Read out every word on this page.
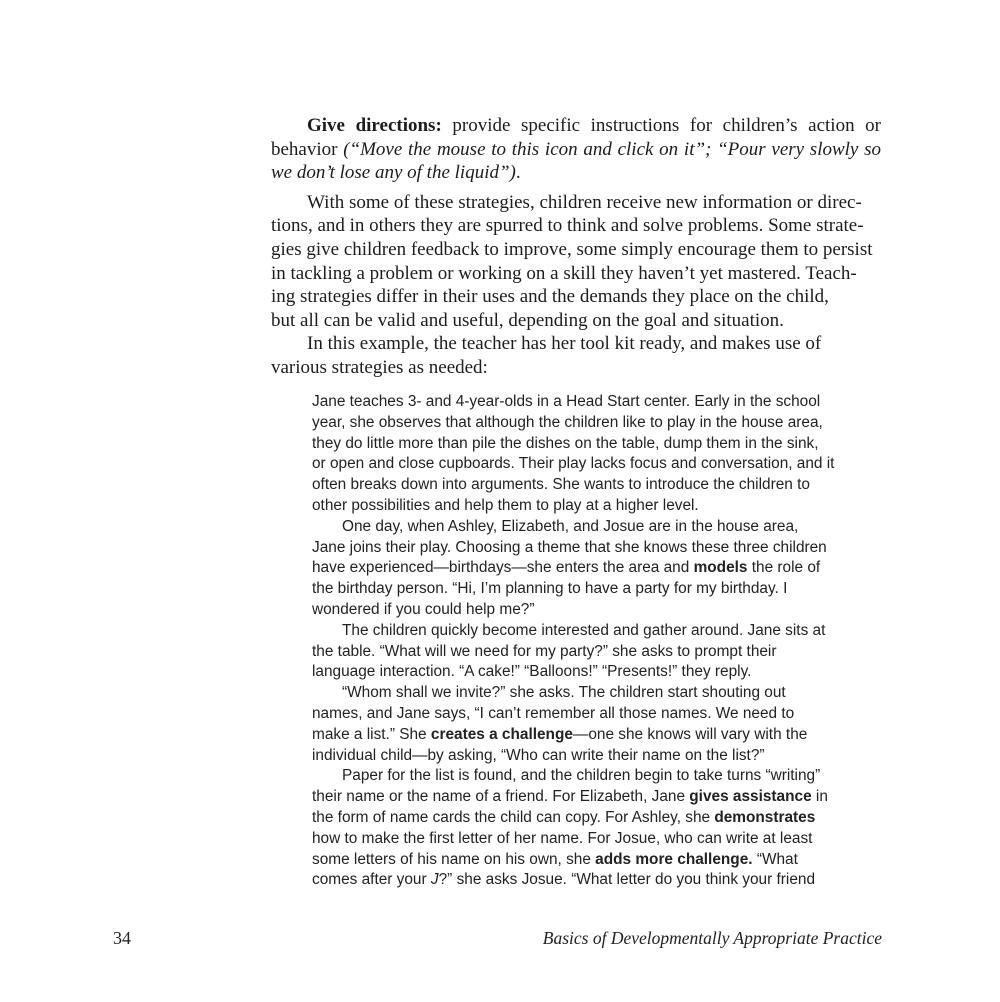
Give directions: provide specific instructions for children’s action or behavior (“Move the mouse to this icon and click on it”; “Pour very slowly so we don’t lose any of the liquid”).

With some of these strategies, children receive new information or direc-
tions, and in others they are spurred to think and solve problems. Some strate-
gies give children feedback to improve, some simply encourage them to persist
in tackling a problem or working on a skill they haven’t yet mastered. Teach-
ing strategies differ in their uses and the demands they place on the child,
but all can be valid and useful, depending on the goal and situation.
In this example, the teacher has her tool kit ready, and makes use of
various strategies as needed:
Jane teaches 3- and 4-year-olds in a Head Start center. Early in the school
year, she observes that although the children like to play in the house area,
they do little more than pile the dishes on the table, dump them in the sink,
or open and close cupboards. Their play lacks focus and conversation, and it
often breaks down into arguments. She wants to introduce the children to
other possibilities and help them to play at a higher level.
One day, when Ashley, Elizabeth, and Josue are in the house area,
Jane joins their play. Choosing a theme that she knows these three children
have experienced—birthdays—she enters the area and models the role of
the birthday person. “Hi, I’m planning to have a party for my birthday. I
wondered if you could help me?”
The children quickly become interested and gather around. Jane sits at
the table. “What will we need for my party?” she asks to prompt their
language interaction. “A cake!” “Balloons!” “Presents!” they reply.
“Whom shall we invite?” she asks. The children start shouting out
names, and Jane says, “I can’t remember all those names. We need to
make a list.” She creates a challenge—one she knows will vary with the
individual child—by asking, “Who can write their name on the list?”
Paper for the list is found, and the children begin to take turns “writing”
their name or the name of a friend. For Elizabeth, Jane gives assistance in
the form of name cards the child can copy. For Ashley, she demonstrates
how to make the first letter of her name. For Josue, who can write at least
some letters of his name on his own, she adds more challenge. “What
comes after your J?” she asks Josue. “What letter do you think your friend
34	Basics of Developmentally Appropriate Practice
